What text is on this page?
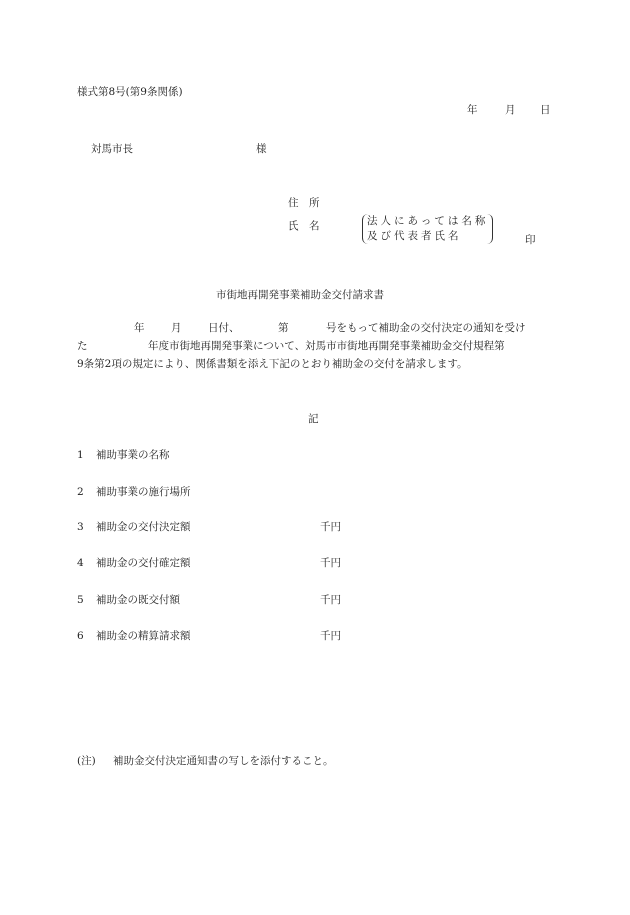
様式第8号(第9条関係)
年	月 日
対馬市長	様
住　所
氏　名	法人にあっては名称
及び代表者氏名	印
市街地再開発事業補助金交付請求書
年	月	日付、	第	号をもって補助金の交付決定の通知を受け
た	年度市街地再開発事業について、対馬市市街地再開発事業補助金交付規程第
9条第2項の規定により、関係書類を添え下記のとおり補助金の交付を請求します。
記
1 補助事業の名称
2 補助事業の施行場所
3 補助金の交付決定額	千円
4 補助金の交付確定額	千円
5 補助金の既交付額	千円
6 補助金の精算請求額	千円
(注) 補助金交付決定通知書の写しを添付すること。
